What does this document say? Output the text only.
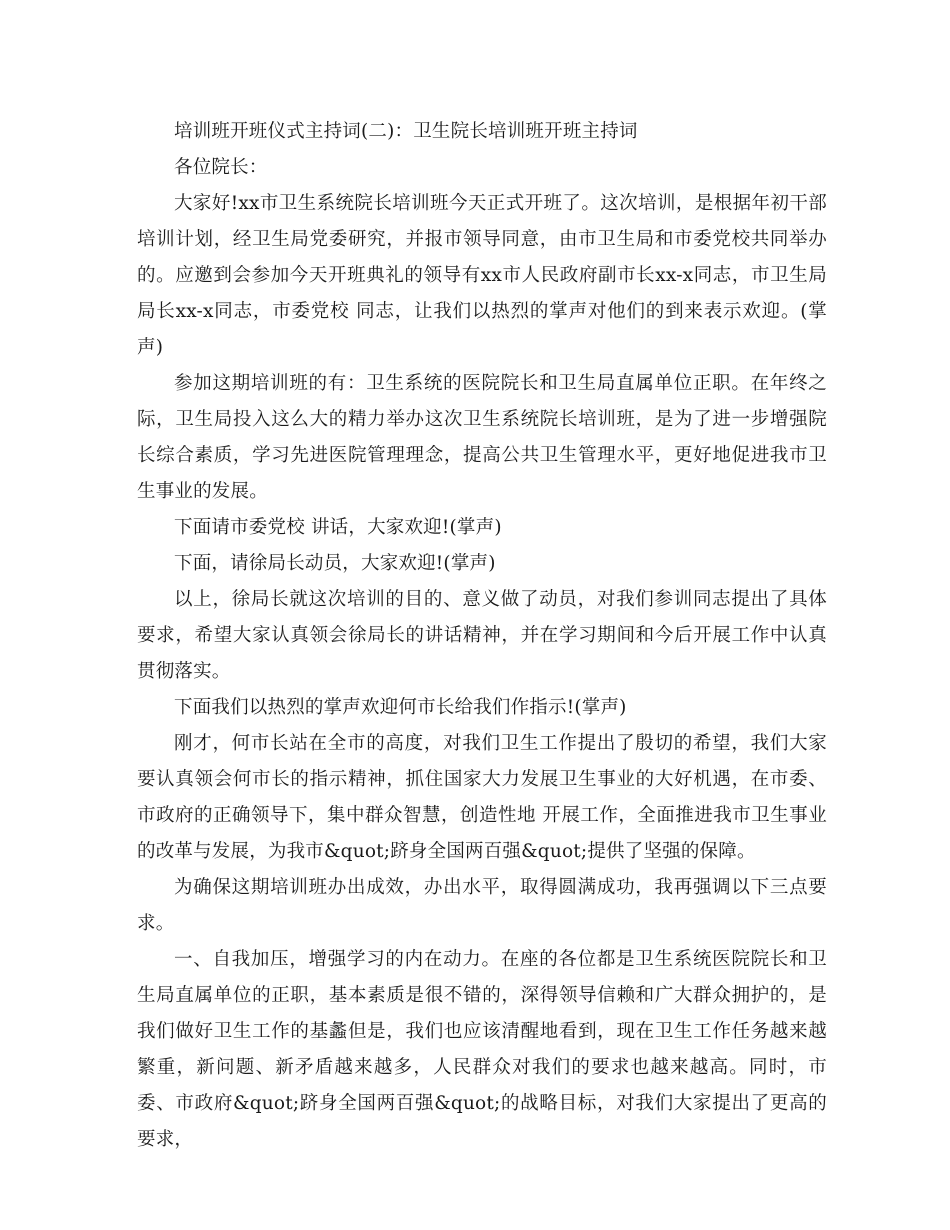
培训班开班仪式主持词(二)：卫生院长培训班开班主持词

各位院长：

大家好!xx市卫生系统院长培训班今天正式开班了。这次培训，是根据年初干部培训计划，经卫生局党委研究，并报市领导同意，由市卫生局和市委党校共同举办的。应邀到会参加今天开班典礼的领导有xx市人民政府副市长xx-x同志，市卫生局局长xx-x同志，市委党校 同志，让我们以热烈的掌声对他们的到来表示欢迎。(掌声)

参加这期培训班的有：卫生系统的医院院长和卫生局直属单位正职。在年终之际，卫生局投入这么大的精力举办这次卫生系统院长培训班，是为了进一步增强院长综合素质，学习先进医院管理理念，提高公共卫生管理水平，更好地促进我市卫生事业的发展。

下面请市委党校 讲话，大家欢迎!(掌声)

下面，请徐局长动员，大家欢迎!(掌声)

以上，徐局长就这次培训的目的、意义做了动员，对我们参训同志提出了具体要求，希望大家认真领会徐局长的讲话精神，并在学习期间和今后开展工作中认真贯彻落实。

下面我们以热烈的掌声欢迎何市长给我们作指示!(掌声)

刚才，何市长站在全市的高度，对我们卫生工作提出了殷切的希望，我们大家要认真领会何市长的指示精神，抓住国家大力发展卫生事业的大好机遇，在市委、市政府的正确领导下，集中群众智慧，创造性地 开展工作，全面推进我市卫生事业的改革与发展，为我市&quot;跻身全国两百强&quot;提供了坚强的保障。

为确保这期培训班办出成效，办出水平，取得圆满成功，我再强调以下三点要求。

一、自我加压，增强学习的内在动力。在座的各位都是卫生系统医院院长和卫生局直属单位的正职，基本素质是很不错的，深得领导信赖和广大群众拥护的，是我们做好卫生工作的基蠡但是，我们也应该清醒地看到，现在卫生工作任务越来越繁重，新问题、新矛盾越来越多，人民群众对我们的要求也越来越高。同时，市委、市政府&quot;跻身全国两百强&quot;的战略目标，对我们大家提出了更高的要求，
